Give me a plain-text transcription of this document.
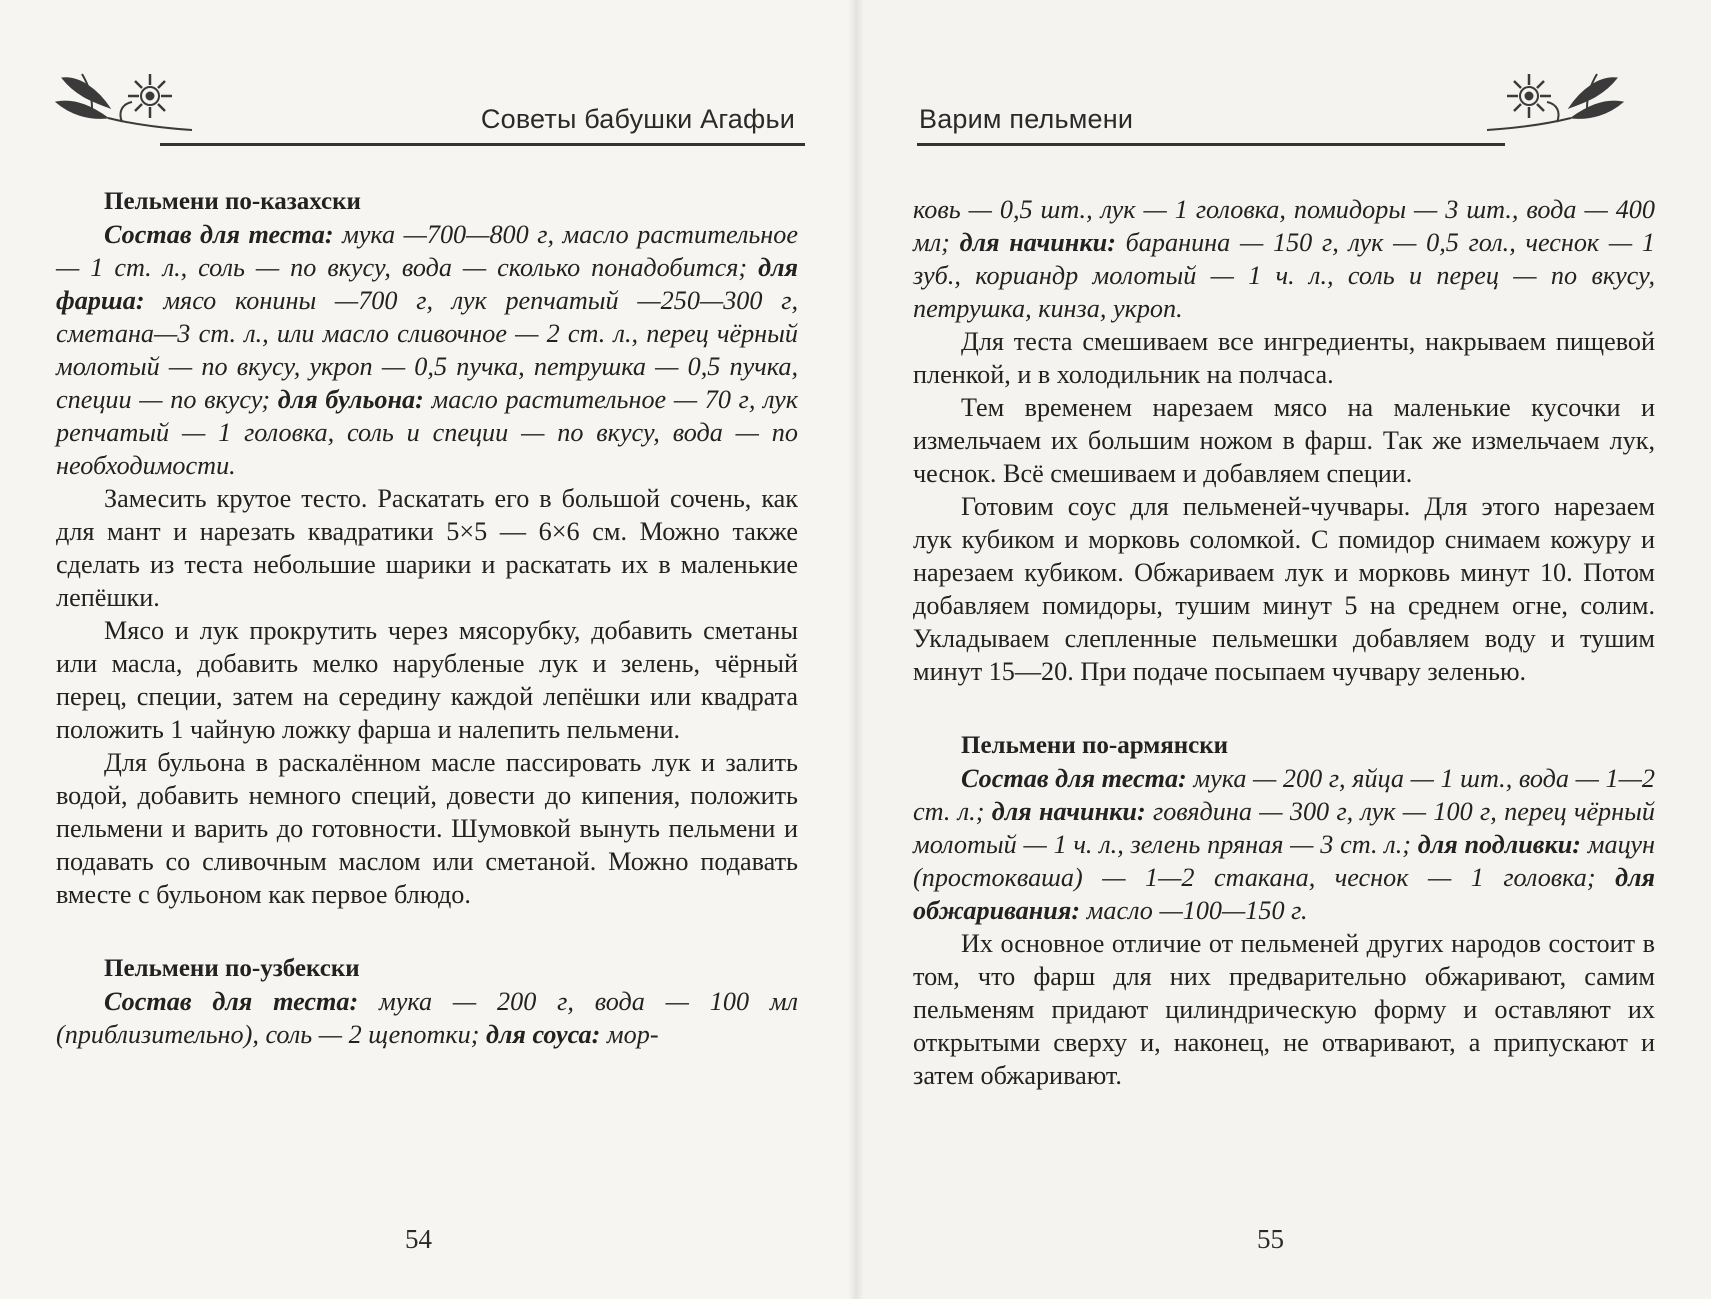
Советы бабушки Агафьи
Пельмени по-казахски

Состав для теста: мука —700—800 г, масло растительное — 1 ст. л., соль — по вкусу, вода — сколько понадобится; для фарша: мясо конины —700 г, лук репчатый —250—300 г, сметана—3 ст. л., или масло сливочное — 2 ст. л., перец чёрный молотый — по вкусу, укроп — 0,5 пучка, петрушка — 0,5 пучка, специи — по вкусу; для бульона: масло растительное — 70 г, лук репчатый — 1 головка, соль и специи — по вкусу, вода — по необходимости.

Замесить крутое тесто. Раскатать его в большой сочень, как для мант и нарезать квадратики 5×5 — 6×6 см. Можно также сделать из теста небольшие шарики и раскатать их в маленькие лепёшки.

Мясо и лук прокрутить через мясорубку, добавить сметаны или масла, добавить мелко нарубленые лук и зелень, чёрный перец, специи, затем на середину каждой лепёшки или квадрата положить 1 чайную ложку фарша и налепить пельмени.

Для бульона в раскалённом масле пассировать лук и залить водой, добавить немного специй, довести до кипения, положить пельмени и варить до готовности. Шумовкой вынуть пельмени и подавать со сливочным маслом или сметаной. Можно подавать вместе с бульоном как первое блюдо.

Пельмени по-узбекски

Состав для теста: мука — 200 г, вода — 100 мл (приблизительно), соль — 2 щепотки; для соуса: мор-

54
Варим пельмени

ковь — 0,5 шт., лук — 1 головка, помидоры — 3 шт., вода — 400 мл; для начинки: баранина — 150 г, лук — 0,5 гол., чеснок — 1 зуб., кориандр молотый — 1 ч. л., соль и перец — по вкусу, петрушка, кинза, укроп.

Для теста смешиваем все ингредиенты, накрываем пищевой пленкой, и в холодильник на полчаса.

Тем временем нарезаем мясо на маленькие кусочки и измельчаем их большим ножом в фарш. Так же измельчаем лук, чеснок. Всё смешиваем и добавляем специи.

Готовим соус для пельменей-чучвары. Для этого нарезаем лук кубиком и морковь соломкой. С помидор снимаем кожуру и нарезаем кубиком. Обжариваем лук и морковь минут 10. Потом добавляем помидоры, тушим минут 5 на среднем огне, солим. Укладываем слепленные пельмешки добавляем воду и тушим минут 15—20. При подаче посыпаем чучвару зеленью.

Пельмени по-армянски

Состав для теста: мука — 200 г, яйца — 1 шт., вода — 1—2 ст. л.; для начинки: говядина — 300 г, лук — 100 г, перец чёрный молотый — 1 ч. л., зелень пряная — 3 ст. л.; для подливки: мацун (простокваша) — 1—2 стакана, чеснок — 1 головка; для обжаривания: масло —100—150 г.

Их основное отличие от пельменей других народов состоит в том, что фарш для них предварительно обжаривают, самим пельменям придают цилиндрическую форму и оставляют их открытыми сверху и, наконец, не отваривают, а припускают и затем обжаривают.

55
